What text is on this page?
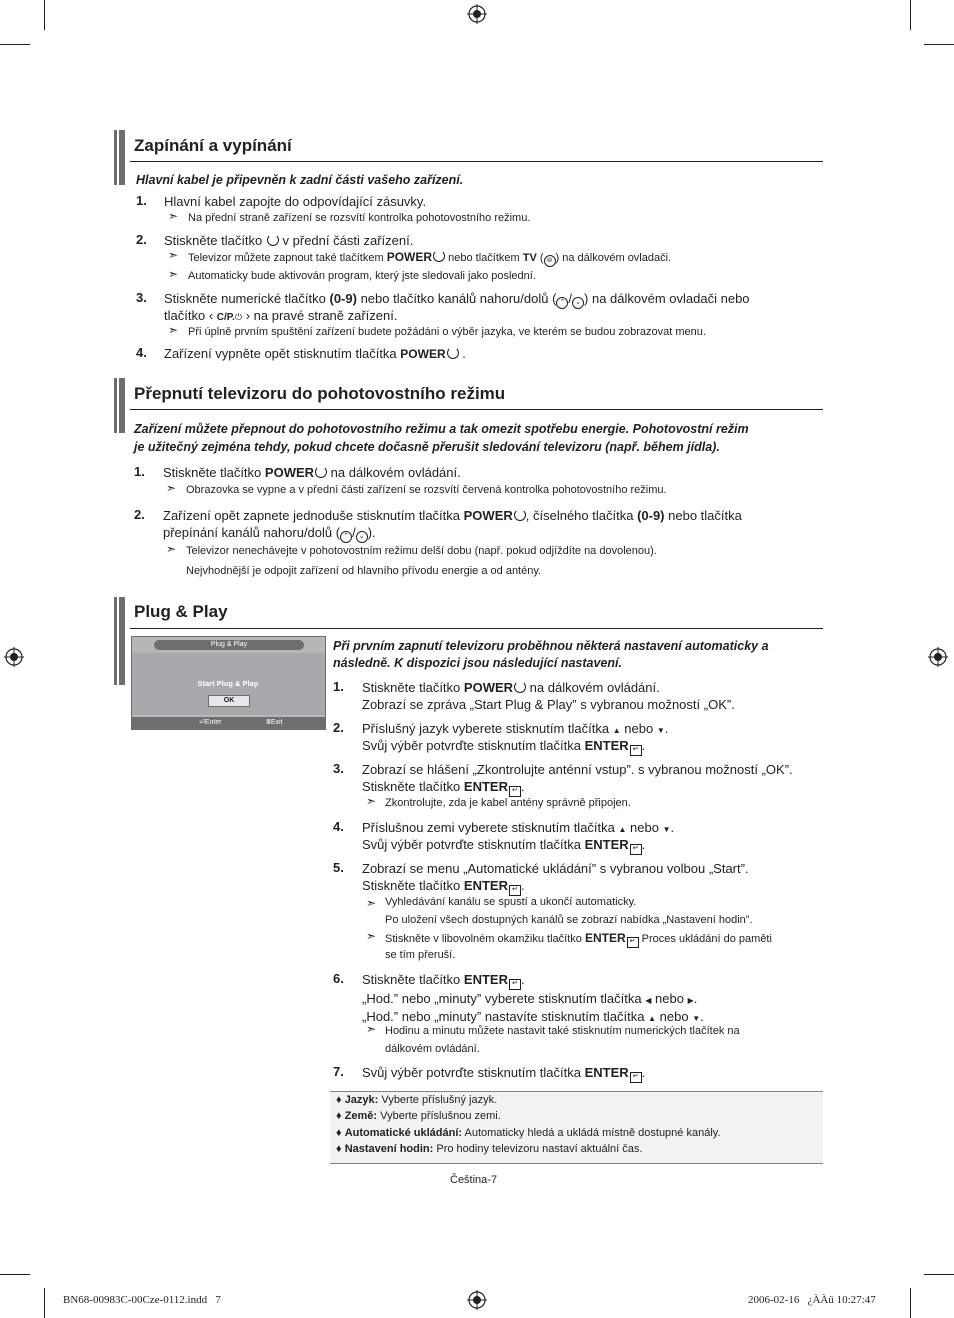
Zapínání a vypínání
Hlavní kabel je připevněn k zadní části vašeho zařízení.
1. Hlavní kabel zapojte do odpovídající zásuvky.
➣ Na přední straně zařízení se rozsvítí kontrolka pohotovostního režimu.
2. Stiskněte tlačítko v přední části zařízení.
➣ Televizor můžete zapnout také tlačítkem POWER nebo tlačítkem TV ( ⊜ ) na dálkovém ovladači.
➣ Automaticky bude aktivován program, který jste sledovali jako poslední.
3. Stiskněte numerické tlačítko (0-9) nebo tlačítko kanálů nahoru/dolů ( ⌃ / ⌄ ) na dálkovém ovladači nebo
tlačítko ‹ C/P.⏻ › na pravé straně zařízení.
➣ Při úplně prvním spuštění zařízení budete požádáni o výběr jazyka, ve kterém se budou zobrazovat menu.
4. Zařízení vypněte opět stisknutím tlačítka POWER .
Přepnutí televizoru do pohotovostního režimu
Zařízení můžete přepnout do pohotovostního režimu a tak omezit spotřebu energie. Pohotovostní režim
je užitečný zejména tehdy, pokud chcete dočasně přerušit sledování televizoru (např. během jídla).
1. Stiskněte tlačítko POWER na dálkovém ovládání.
➣ Obrazovka se vypne a v přední části zařízení se rozsvítí červená kontrolka pohotovostního režimu.
2. Zařízení opět zapnete jednoduše stisknutím tlačítka POWER , číselného tlačítka (0-9) nebo tlačítka
přepínání kanálů nahoru/dolů ( ⌃ / ⌄ ).
➣ Televizor nenechávejte v pohotovostním režimu delší dobu (např. pokud odjíždíte na dovolenou).
Nejvhodnější je odpojit zařízení od hlavního přívodu energie a od antény.
Plug & Play
Plug & Play
Start Plug & Play.
OK
⏎Enter	ⅢExit
Při prvním zapnutí televizoru proběhnou některá nastavení automaticky a
následně. K dispozici jsou následující nastavení.
1. Stiskněte tlačítko POWER na dálkovém ovládání.
Zobrazí se zpráva „Start Plug & Play” s vybranou možností „OK”.
2. Příslušný jazyk vyberete stisknutím tlačítka ▲ nebo ▼.
Svůj výběr potvrďte stisknutím tlačítka ENTER ↵ .
3. Zobrazí se hlášení „Zkontrolujte anténní vstup”. s vybranou možností „OK”.
Stiskněte tlačítko ENTER ↵ .
➣ Zkontrolujte, zda je kabel antény správně připojen.
4. Příslušnou zemi vyberete stisknutím tlačítka ▲ nebo ▼.
Svůj výběr potvrďte stisknutím tlačítka ENTER ↵ .
5. Zobrazí se menu „Automatické ukládání” s vybranou volbou „Start”.
Stiskněte tlačítko ENTER ↵ .
➣ Vyhledávání kanálu se spustí a ukončí automaticky.
Po uložení všech dostupných kanálů se zobrazí nabídka „Nastavení hodin”.
➣ Stiskněte v libovolném okamžiku tlačítko ENTER ↵ Proces ukládání do paměti
se tím přeruší.
6. Stiskněte tlačítko ENTER ↵ .
„Hod.” nebo „minuty” vyberete stisknutím tlačítka ◀ nebo ▶.
„Hod.” nebo „minuty” nastavíte stisknutím tlačítka ▲ nebo ▼.
➣ Hodinu a minutu můžete nastavit také stisknutím numerických tlačítek na
dálkovém ovládání.
7. Svůj výběr potvrďte stisknutím tlačítka ENTER ↵ .
♦ Jazyk: Vyberte příslušný jazyk.
♦ Země: Vyberte příslušnou zemi.
♦ Automatické ukládání: Automaticky hledá a ukládá místně dostupné kanály.
♦ Nastavení hodin: Pro hodiny televizoru nastaví aktuální čas.
Čeština-7
BN68-00983C-00Cze-0112.indd   7	2006-02-16   ¿ÀÀü 10:27:47
